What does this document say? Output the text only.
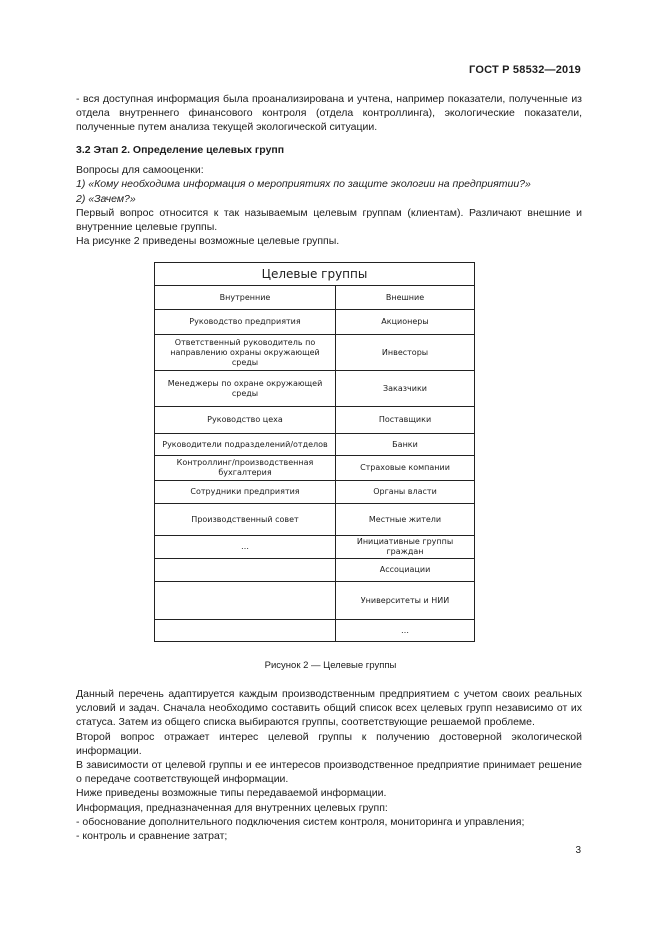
ГОСТ Р 58532—2019

- вся доступная информация была проанализирована и учтена, например показатели, полученные из отдела внутреннего финансового контроля (отдела контроллинга), экологические показатели, полученные путем анализа текущей экологической ситуации.

3.2 Этап 2. Определение целевых групп

Вопросы для самооценки:

1) «Кому необходима информация о мероприятиях по защите экологии на предприятии?»

2) «Зачем?»

Первый вопрос относится к так называемым целевым группам (клиентам). Различают внешние и внутренние целевые группы.

На рисунке 2 приведены возможные целевые группы.

Целевые группы	
Внутренние	Внешние
Руководство предприятия	Акционеры
Ответственный руководитель по направлению охраны окружающей среды	Инвесторы
Менеджеры по охране окружающей среды	Заказчики
Руководство цеха	Поставщики
Руководители подразделений/отделов	Банки
Контроллинг/производственная бухгалтерия	Страховые компании
Сотрудники предприятия	Органы власти
Производственный совет	Местные жители
…	Инициативные группы граждан
	Ассоциации
	Университеты и НИИ
	…
Рисунок 2 — Целевые группы

Данный перечень адаптируется каждым производственным предприятием с учетом своих реальных условий и задач. Сначала необходимо составить общий список всех целевых групп независимо от их статуса. Затем из общего списка выбираются группы, соответствующие решаемой проблеме.

Второй вопрос отражает интерес целевой группы к получению достоверной экологической информации.

В зависимости от целевой группы и ее интересов производственное предприятие принимает решение о передаче соответствующей информации.

Ниже приведены возможные типы передаваемой информации.

Информация, предназначенная для внутренних целевых групп:

- обоснование дополнительного подключения систем контроля, мониторинга и управления;

- контроль и сравнение затрат;

3
